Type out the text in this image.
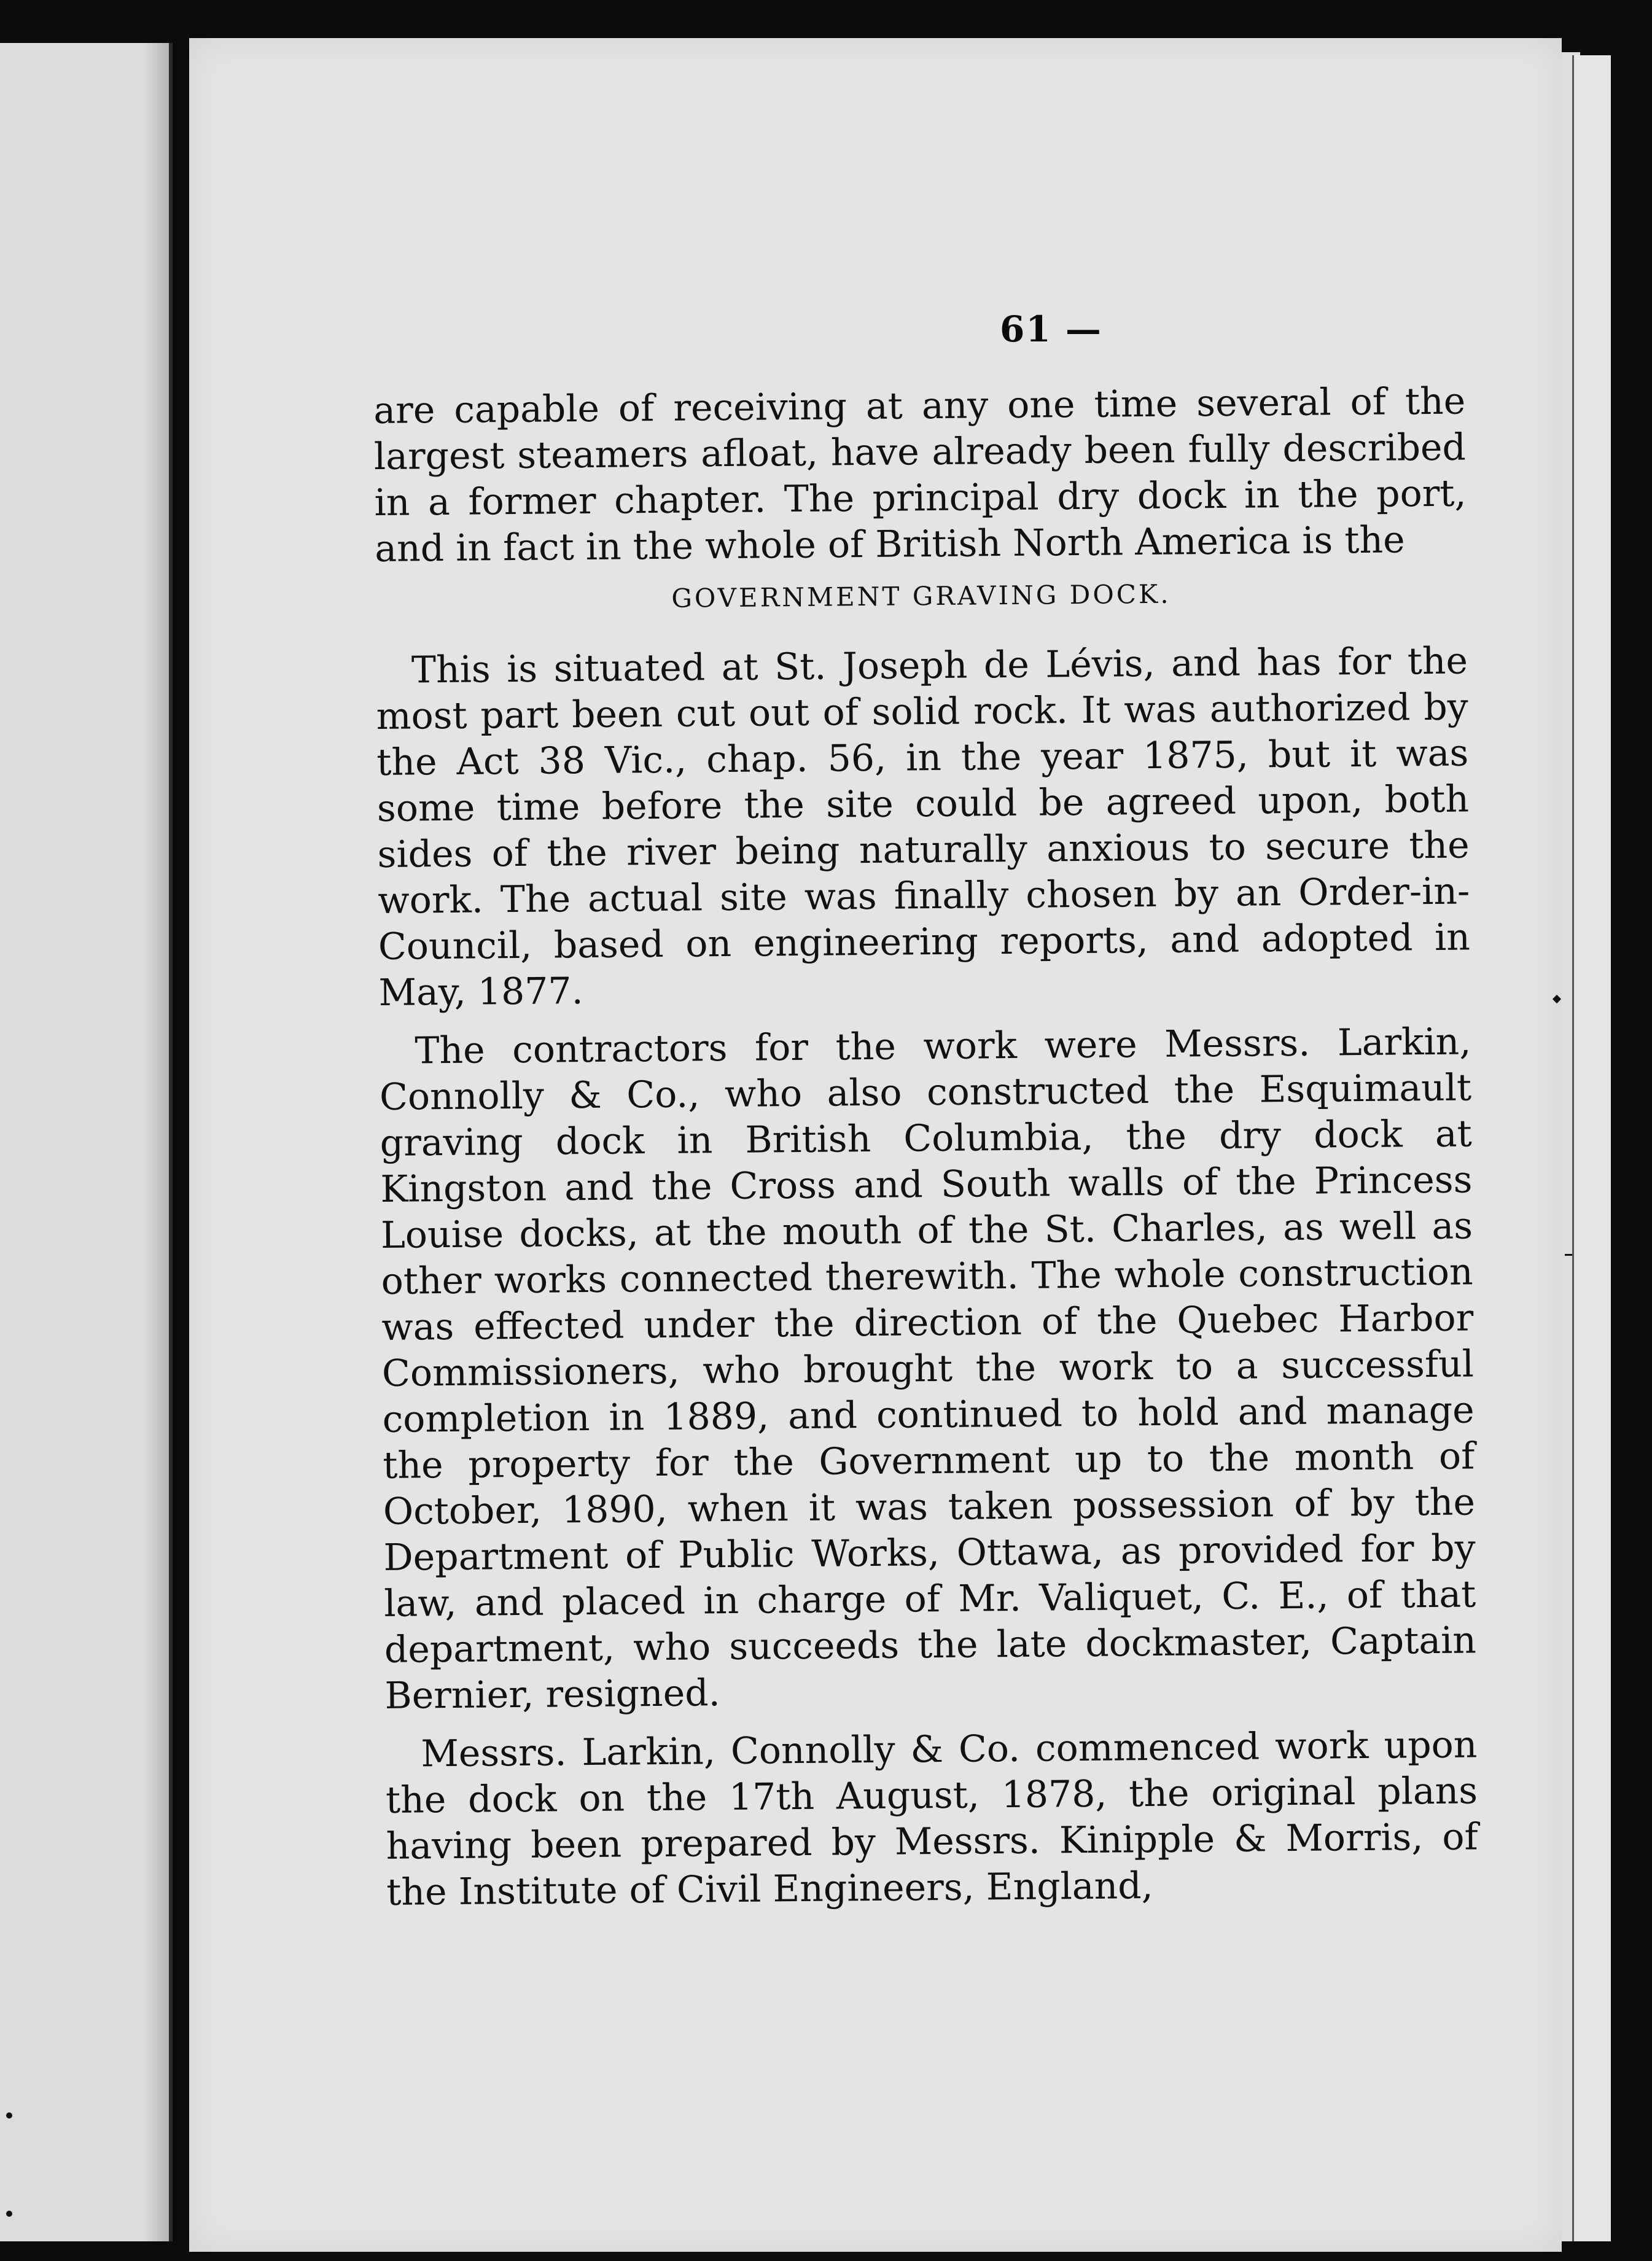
61 —

are capable of receiving at any one time several of the largest steamers afloat, have already been fully described in a former chapter. The principal dry dock in the port, and in fact in the whole of British North America is the

GOVERNMENT GRAVING DOCK.

This is situated at St. Joseph de Lévis, and has for the most part been cut out of solid rock. It was authorized by the Act 38 Vic., chap. 56, in the year 1875, but it was some time before the site could be agreed upon, both sides of the river being naturally anxious to secure the work. The actual site was finally chosen by an Order-in-Council, based on engineering reports, and adopted in May, 1877.

The contractors for the work were Messrs. Larkin, Connolly & Co., who also constructed the Esquimault graving dock in British Columbia, the dry dock at Kingston and the Cross and South walls of the Princess Louise docks, at the mouth of the St. Charles, as well as other works connected therewith. The whole construction was effected under the direction of the Quebec Harbor Commissioners, who brought the work to a successful completion in 1889, and continued to hold and manage the property for the Government up to the month of October, 1890, when it was taken possession of by the Department of Public Works, Ottawa, as provided for by law, and placed in charge of Mr. Valiquet, C. E., of that department, who succeeds the late dockmaster, Captain Bernier, resigned.

Messrs. Larkin, Connolly & Co. commenced work upon the dock on the 17th August, 1878, the original plans having been prepared by Messrs. Kinipple & Morris, of the Institute of Civil Engineers, England,
